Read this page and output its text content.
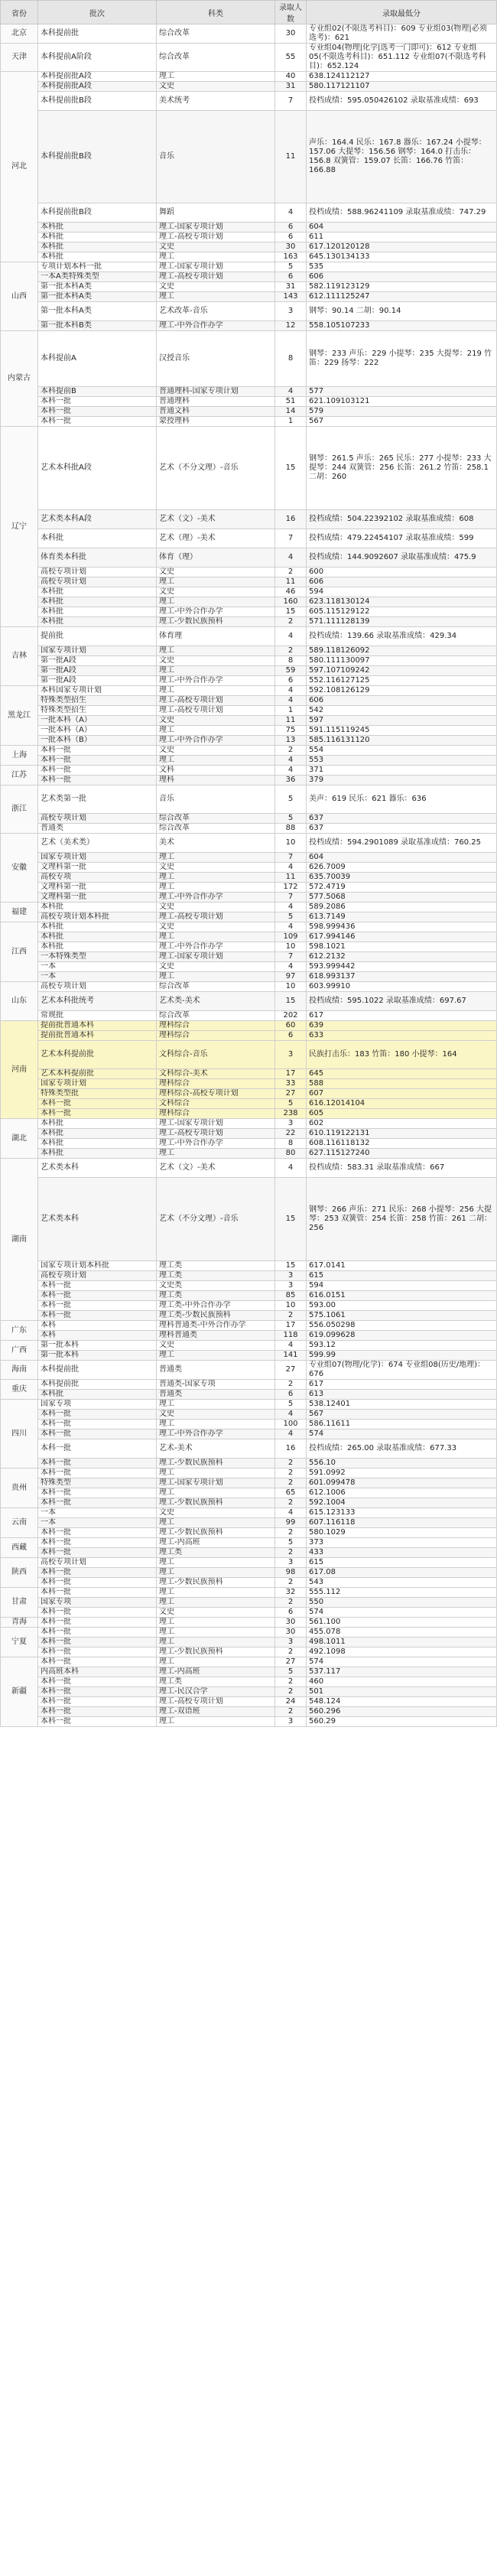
省份	批次	科类	录取人数	录取最低分
北京	本科提前批	综合改革	30	专业组02(不限选考科目)：609 专业组03(物理|必须选考)：621
天津	本科提前A阶段	综合改革	55	专业组04(物理|化学|选考一门即可)：612 专业组05(不限选考科目)：651.112 专业组07(不限选考科目)：652.124
河北	本科提前批A段	理工	40	638.124112127
	本科提前批A段	文史	31	580.117121107
	本科提前批B段	美术统考	7	投档成绩：595.050426102 录取基准成绩：693
	本科提前批B段	音乐	11	声乐：164.4 民乐：167.8 器乐：167.24 小提琴：157.06 大提琴：156.56 钢琴：164.0 打击乐：156.8 双簧管：159.07 长笛：166.76 竹笛：166.88
	本科提前批B段	舞蹈	4	投档成绩：588.96241109 录取基准成绩：747.29
	本科批	理工-国家专项计划	6	604
	本科批	理工-高校专项计划	6	611
	本科批	文史	30	617.120120128
	本科批	理工	163	645.130134133
山西	专项计划本科一批	理工-国家专项计划	5	535
	一本A类特殊类型	理工-高校专项计划	6	606
	第一批本科A类	文史	31	582.119123129
	第一批本科A类	理工	143	612.111125247
	第一批本科A类	艺术改革-音乐	3	钢琴：90.14 二胡：90.14
	第一批本科B类	理工-中外合作办学	12	558.105107233
内蒙古	本科提前A	汉授音乐	8	钢琴：233 声乐：229 小提琴：235 大提琴：219 竹笛：229 扬琴：222
	本科提前B	普通理科-国家专项计划	4	577
	本科一批	普通理科	51	621.109103121
	本科一批	普通文科	14	579
	本科一批	蒙授理科	1	567
辽宁	艺术本科批A段	艺术（不分文理）-音乐	15	钢琴：261.5 声乐：265 民乐：277 小提琴：233 大提琴：244 双簧管：256 长笛：261.2 竹笛：258.1 二胡：260
	艺术类本科A段	艺术（文）-美术	16	投档成绩：504.22392102 录取基准成绩：608
	本科批	艺术（理）-美术	7	投档成绩：479.22454107 录取基准成绩：599
	体育类本科批	体育（理）	4	投档成绩：144.9092607 录取基准成绩：475.9
	高校专项计划	文史	2	600
	高校专项计划	理工	11	606
	本科批	文史	46	594
	本科批	理工	160	623.118130124
	本科批	理工-中外合作办学	15	605.115129122
	本科批	理工-少数民族预科	2	571.111128139
吉林	提前批	体育理	4	投档成绩：139.66 录取基准成绩：429.34
	国家专项计划	理工	2	589.118126092
	第一批A段	文史	8	580.111130097
	第一批A段	理工	59	597.107109242
	第一批A段	理工-中外合作办学	6	552.116127125
黑龙江	本科国家专项计划	理工	4	592.108126129
	特殊类型招生	理工-高校专项计划	4	606
	特殊类型招生	理工-高校专项计划	1	542
	一批本科（A）	文史	11	597
	一批本科（A）	理工	75	591.115119245
	一批本科（B）	理工-中外合作办学	13	585.116131120
上海	本科一批	文史	2	554
	本科一批	理工	4	553
江苏	本科一批	文科	4	371
	本科一批	理科	36	379
浙江	艺术类第一批	音乐	5	美声：619 民乐：621 器乐：636
	高校专项计划	综合改革	5	637
	普通类	综合改革	88	637
安徽	艺术（美术类）	美术	10	投档成绩：594.2901089 录取基准成绩：760.25
	国家专项计划	理工	7	604
	文理科第一批	文史	4	626.7009
	高校专项	理工	11	635.70039
	文理科第一批	理工	172	572.4719
	文理科第一批	理工-中外合作办学	7	577.5068
福建	本科批	文史	4	589.2086
	高校专项计划本科批	理工-高校专项计划	5	613.7149
江西	本科批	文史	4	598.999436
	本科批	理工	109	617.994146
	本科批	理工-中外合作办学	10	598.1021
	一本特殊类型	理工-国家专项计划	7	612.2132
	一本	文史	4	593.999442
	一本	理工	97	618.993137
山东	高校专项计划	综合改革	10	603.99910
	艺术本科批统考	艺术类-美术	15	投档成绩：595.1022 录取基准成绩：697.67
	常规批	综合改革	202	617
河南	提前批普通本科	理科综合	60	639
	提前批普通本科	理科综合	6	633
	艺术本科提前批	文科综合-音乐	3	民族打击乐：183 竹笛：180 小提琴：164
	艺术本科提前批	文科综合-美术	17	645
	国家专项计划	理科综合	33	588
	特殊类型批	理科综合-高校专项计划	27	607
	本科一批	文科综合	5	616.12014104
	本科一批	理科综合	238	605
湖北	本科批	理工-国家专项计划	3	602
	本科批	理工-高校专项计划	22	610.119122131
	本科批	理工-中外合作办学	8	608.116118132
	本科批	理工	80	627.115127240
湖南	艺术类本科	艺术（文）-美术	4	投档成绩：583.31 录取基准成绩：667
	艺术类本科	艺术（不分文理）-音乐	15	钢琴：266 声乐：271 民乐：268 小提琴：256 大提琴：253 双簧管：254 长笛：258 竹笛：261 二胡：256
	国家专项计划本科批	理工类	15	617.0141
	高校专项计划	理工类	3	615
	本科一批	文史类	3	594
	本科一批	理工类	85	616.0151
	本科一批	理工类-中外合作办学	10	593.00
	本科一批	理工类-少数民族预科	2	575.1061
广东	本科	理科普通类-中外合作办学	17	556.050298
	本科	理科普通类	118	619.099628
广西	第一批本科	文史	4	593.12
	第一批本科	理工	141	599.99
海南	本科提前批	普通类	27	专业组07(物理/化学)：674 专业组08(历史/地理)：676
重庆	本科提前批	普通类-国家专项	2	617
	本科批	普通类	6	613
四川	国家专项	理工	5	538.12401
	本科一批	文史	4	567
	本科一批	理工	100	586.11611
	本科一批	理工-中外合作办学	4	574
	本科一批	艺术-美术	16	投档成绩：265.00 录取基准成绩：677.33
	本科一批	理工-少数民族预科	2	556.10
贵州	本科一批	理工	2	591.0992
	特殊类型	理工-国家专项计划	2	601.099478
	本科一批	理工	65	612.1006
	本科一批	理工-少数民族预科	2	592.1004
云南	一本	文史	4	615.123133
	一本	理工	99	607.116118
	本科一批	理工-少数民族预科	2	580.1029
西藏	本科一批	理工-内高班	5	373
	本科一批	理工类	2	433
陕西	高校专项计划	理工	3	615
	本科一批	理工	98	617.08
	本科一批	理工-少数民族预科	2	543
甘肃	本科一批	理工	32	555.112
	国家专项	理工	2	550
	本科一批	文史	6	574
青海	本科一批	理工	30	561.100
宁夏	本科一批	理工	30	455.078
	本科一批	理工	3	498.1011
	本科一批	理工-少数民族预科	2	492.1098
新疆	本科一批	理工	27	574
	内高班本科	理工-内高班	5	537.117
	本科一批	理工类	2	460
	本科一批	理工-民汉合学	2	501
	本科一批	理工-高校专项计划	24	548.124
	本科一批	理工-双语班	2	560.296
	本科一批	理工	3	560.29
